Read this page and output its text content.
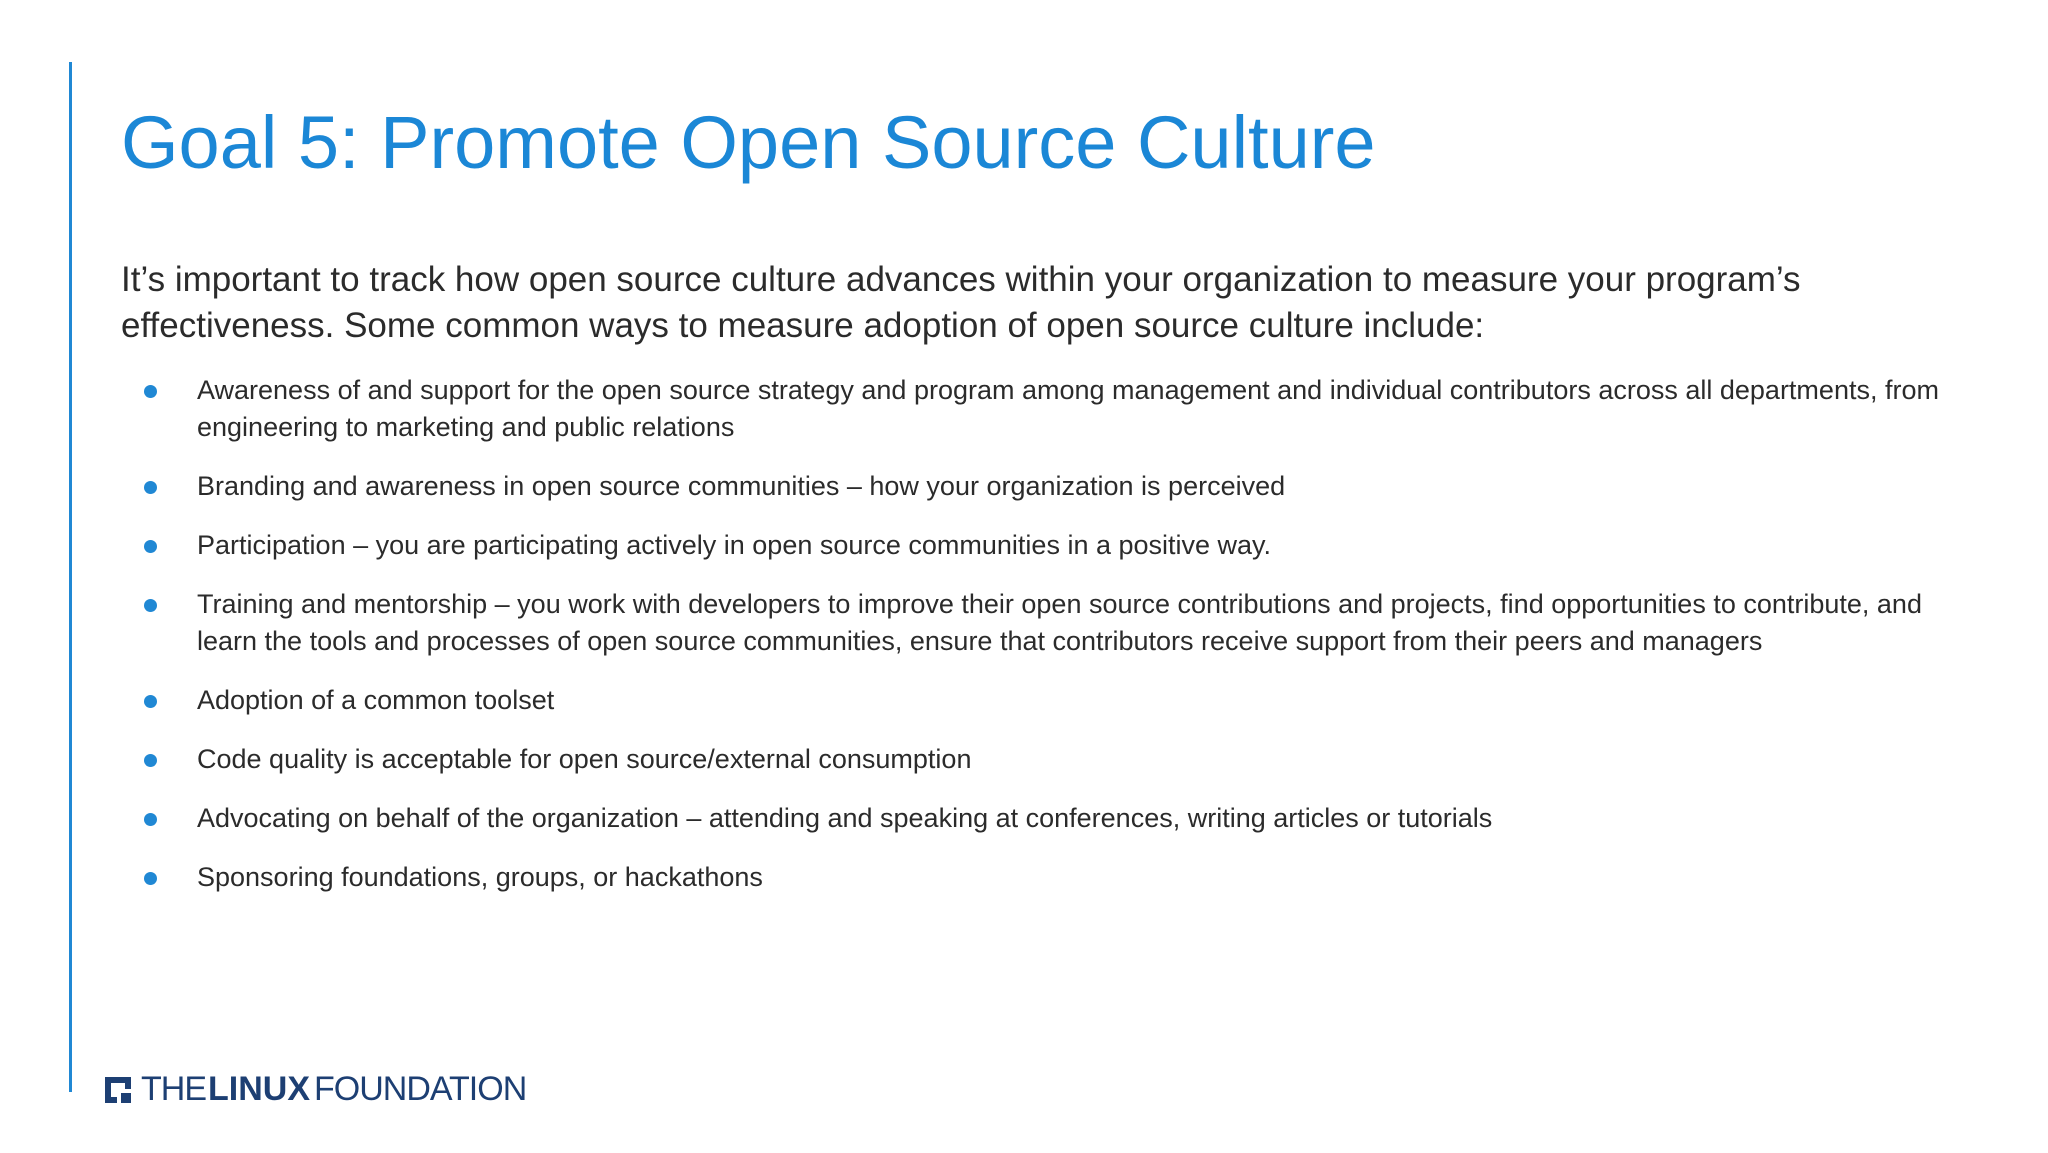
Goal 5: Promote Open Source Culture

It’s important to track how open source culture advances within your organization to measure your program’s effectiveness. Some common ways to measure adoption of open source culture include:

Awareness of and support for the open source strategy and program among management and individual contributors across all departments, from engineering to marketing and public relations
Branding and awareness in open source communities – how your organization is perceived
Participation – you are participating actively in open source communities in a positive way.
Training and mentorship – you work with developers to improve their open source contributions and projects, find opportunities to contribute, and learn the tools and processes of open source communities, ensure that contributors receive support from their peers and managers
Adoption of a common toolset
Code quality is acceptable for open source/external consumption
Advocating on behalf of the organization – attending and speaking at conferences, writing articles or tutorials
Sponsoring foundations, groups, or hackathons
THE LINUX FOUNDATION
